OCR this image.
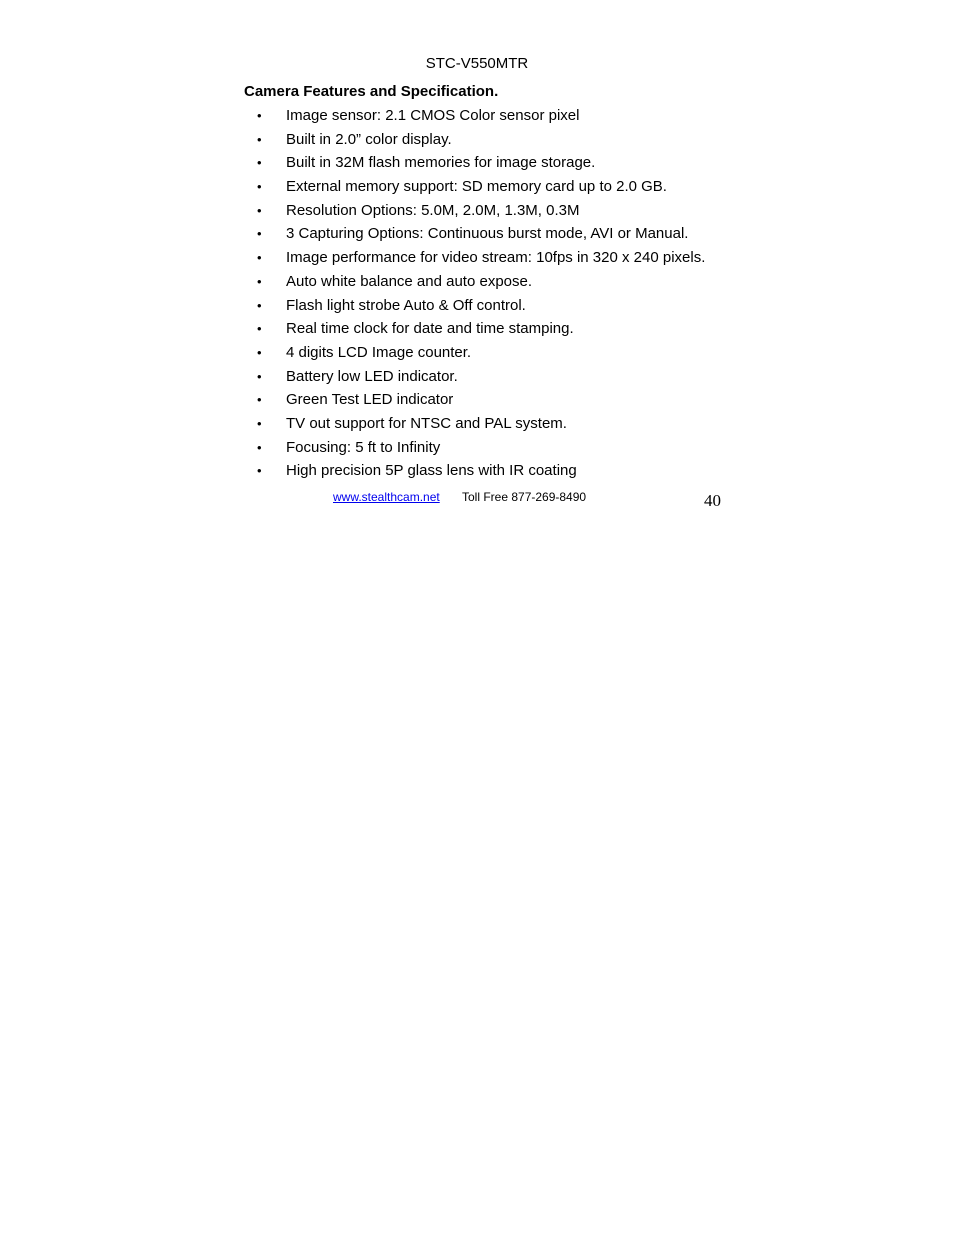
STC-V550MTR
Camera Features and Specification.
•	Image sensor: 2.1 CMOS Color sensor pixel
•	Built in 2.0” color display.
•	Built in 32M flash memories for image storage.
•	External memory support: SD memory card up to 2.0 GB.
•	Resolution Options: 5.0M, 2.0M, 1.3M, 0.3M
•	3 Capturing Options: Continuous burst mode, AVI or Manual.
•	Image performance for video stream: 10fps in 320 x 240 pixels.
•	Auto white balance and auto expose.
•	Flash light strobe Auto & Off control.
•	Real time clock for date and time stamping.
•	4 digits LCD Image counter.
•	Battery low LED indicator.
•	Green Test LED indicator
•	TV out support for NTSC and PAL system.
•	Focusing: 5 ft to Infinity
•	High precision 5P glass lens with IR coating
www.stealthcam.net Toll Free 877-269-8490	40
